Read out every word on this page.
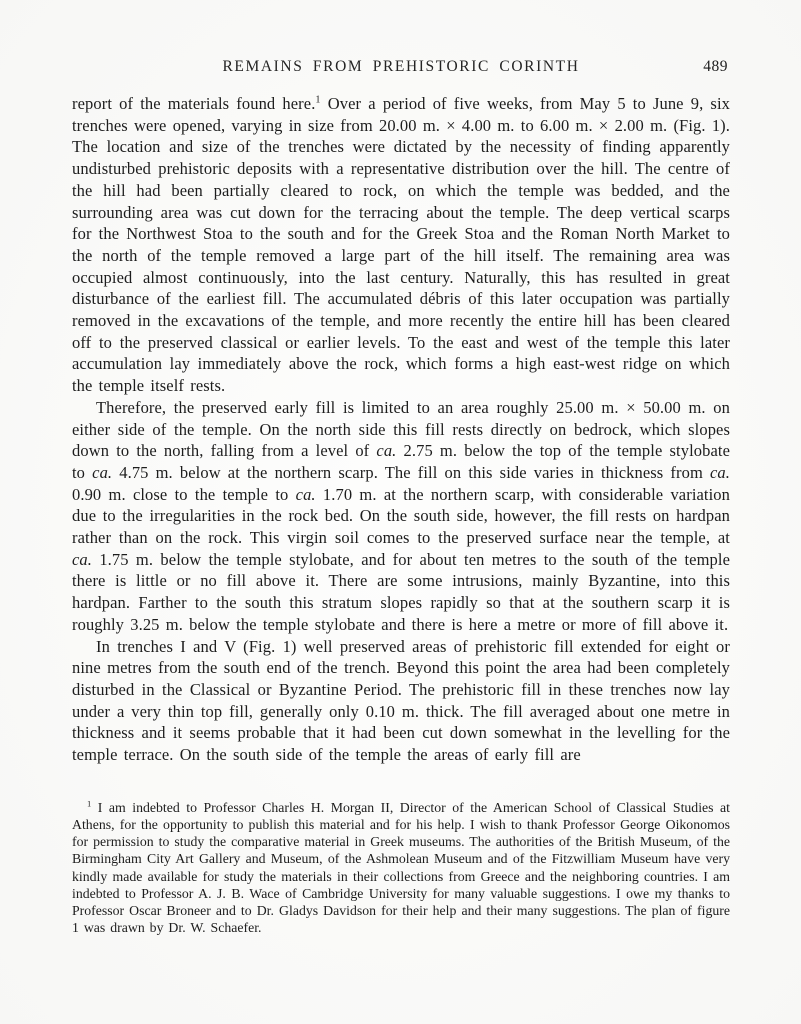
REMAINS FROM PREHISTORIC CORINTH	489

report of the materials found here.$^1$ Over a period of five weeks, from May 5 to June 9, six trenches were opened, varying in size from 20.00 m. × 4.00 m. to 6.00 m. × 2.00 m. (Fig. 1). The location and size of the trenches were dictated by the necessity of finding apparently undisturbed prehistoric deposits with a representative distribution over the hill. The centre of the hill had been partially cleared to rock, on which the temple was bedded, and the surrounding area was cut down for the terracing about the temple. The deep vertical scarps for the Northwest Stoa to the south and for the Greek Stoa and the Roman North Market to the north of the temple removed a large part of the hill itself. The remaining area was occupied almost continuously, into the last century. Naturally, this has resulted in great disturbance of the earliest fill. The accumulated débris of this later occupation was partially removed in the excavations of the temple, and more recently the entire hill has been cleared off to the preserved classical or earlier levels. To the east and west of the temple this later accumulation lay immediately above the rock, which forms a high east-west ridge on which the temple itself rests.

Therefore, the preserved early fill is limited to an area roughly 25.00 m. × 50.00 m. on either side of the temple. On the north side this fill rests directly on bedrock, which slopes down to the north, falling from a level of ca. 2.75 m. below the top of the temple stylobate to ca. 4.75 m. below at the northern scarp. The fill on this side varies in thickness from ca. 0.90 m. close to the temple to ca. 1.70 m. at the northern scarp, with considerable variation due to the irregularities in the rock bed. On the south side, however, the fill rests on hardpan rather than on the rock. This virgin soil comes to the preserved surface near the temple, at ca. 1.75 m. below the temple stylobate, and for about ten metres to the south of the temple there is little or no fill above it. There are some intrusions, mainly Byzantine, into this hardpan. Farther to the south this stratum slopes rapidly so that at the southern scarp it is roughly 3.25 m. below the temple stylobate and there is here a metre or more of fill above it.

In trenches I and V (Fig. 1) well preserved areas of prehistoric fill extended for eight or nine metres from the south end of the trench. Beyond this point the area had been completely disturbed in the Classical or Byzantine Period. The prehistoric fill in these trenches now lay under a very thin top fill, generally only 0.10 m. thick. The fill averaged about one metre in thickness and it seems probable that it had been cut down somewhat in the levelling for the temple terrace. On the south side of the temple the areas of early fill are

$^1$ I am indebted to Professor Charles H. Morgan II, Director of the American School of Classical Studies at Athens, for the opportunity to publish this material and for his help. I wish to thank Professor George Oikonomos for permission to study the comparative material in Greek museums. The authorities of the British Museum, of the Birmingham City Art Gallery and Museum, of the Ashmolean Museum and of the Fitzwilliam Museum have very kindly made available for study the materials in their collections from Greece and the neighboring countries. I am indebted to Professor A. J. B. Wace of Cambridge University for many valuable suggestions. I owe my thanks to Professor Oscar Broneer and to Dr. Gladys Davidson for their help and their many suggestions. The plan of figure 1 was drawn by Dr. W. Schaefer.
